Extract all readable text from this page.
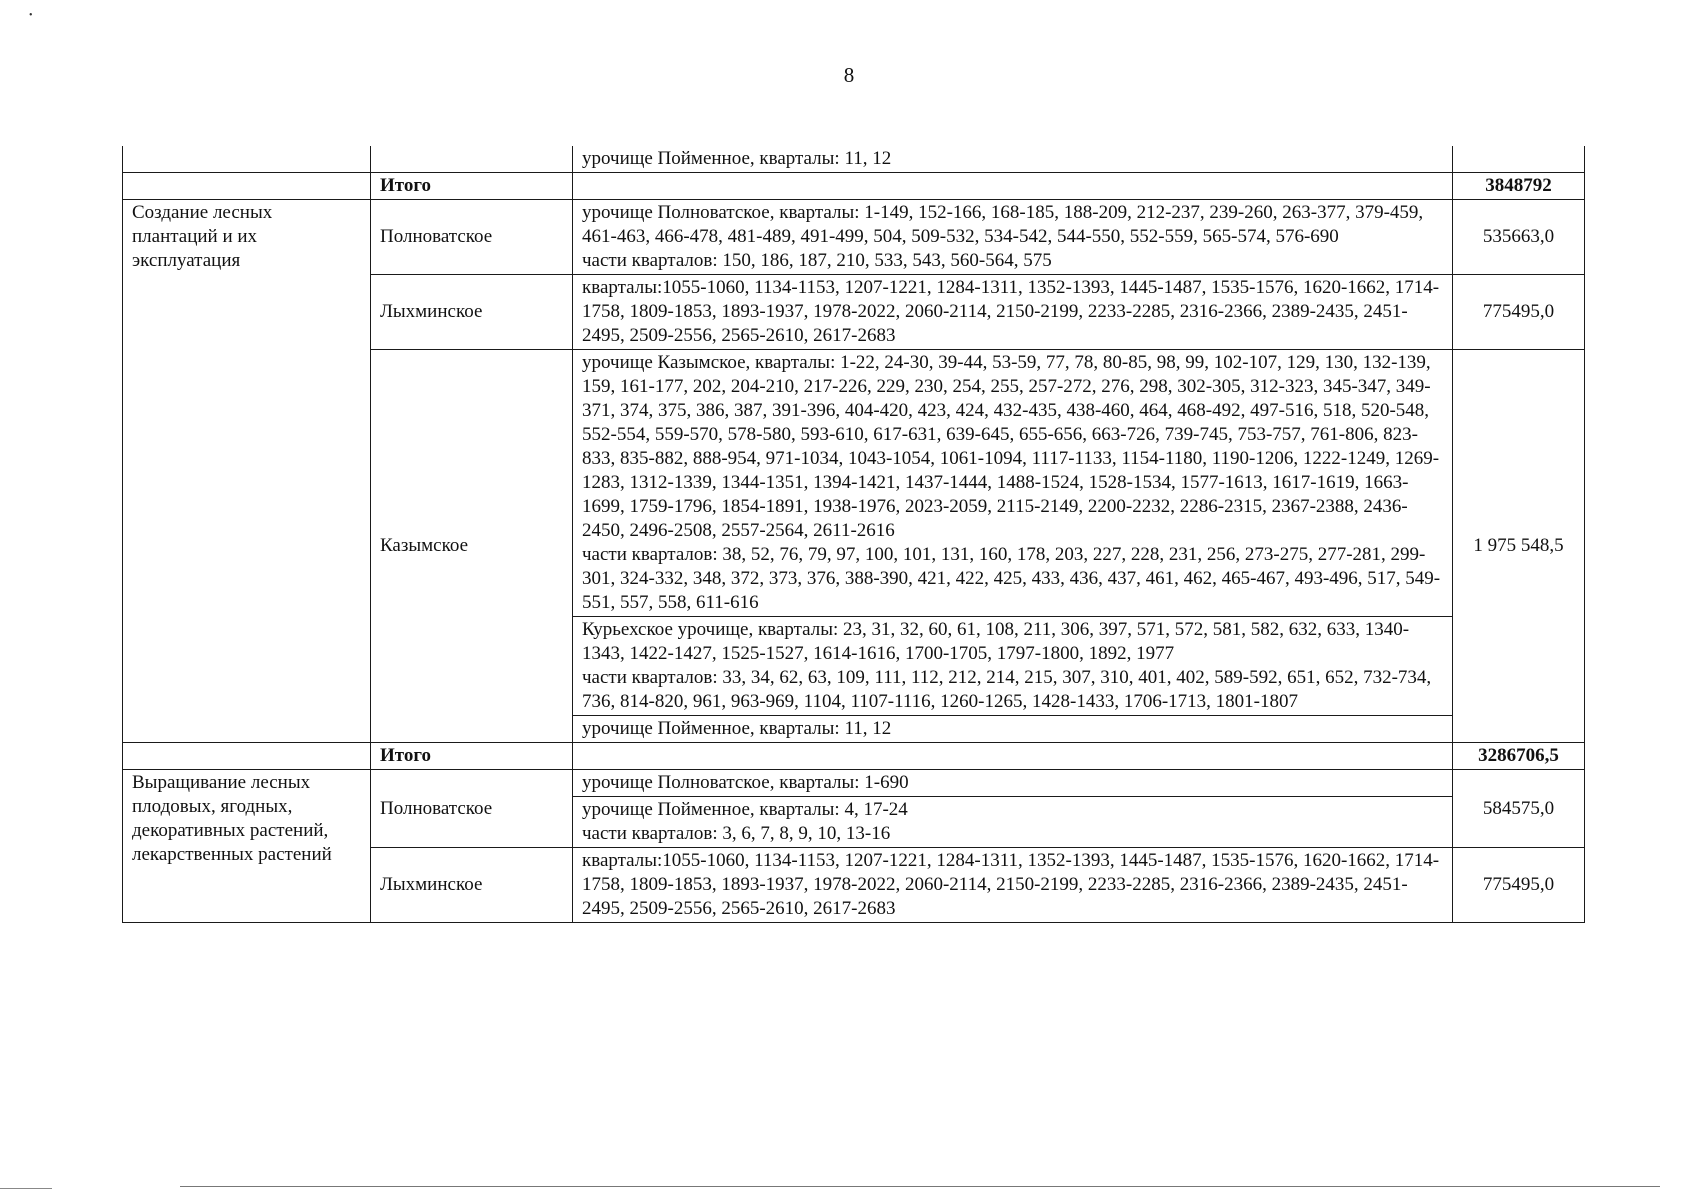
•
8
		урочище Пойменное, кварталы: 11, 12	
	Итого		3848792
Создание лесных плантаций и их эксплуатация	Полноватское	урочище Полноватское, кварталы: 1-149, 152-166, 168-185, 188-209, 212-237, 239-260, 263-377, 379-459, 461-463, 466-478, 481-489, 491-499, 504, 509-532, 534-542, 544-550, 552-559, 565-574, 576-690
части кварталов: 150, 186, 187, 210, 533, 543, 560-564, 575	535663,0
	Лыхминское	кварталы:1055-1060, 1134-1153, 1207-1221, 1284-1311, 1352-1393, 1445-1487, 1535-1576, 1620-1662, 1714-1758, 1809-1853, 1893-1937, 1978-2022, 2060-2114, 2150-2199, 2233-2285, 2316-2366, 2389-2435, 2451-2495, 2509-2556, 2565-2610, 2617-2683	775495,0
	Казымское	урочище Казымское, кварталы: 1-22, 24-30, 39-44, 53-59, 77, 78, 80-85, 98, 99, 102-107, 129, 130, 132-139, 159, 161-177, 202, 204-210, 217-226, 229, 230, 254, 255, 257-272, 276, 298, 302-305, 312-323, 345-347, 349-371, 374, 375, 386, 387, 391-396, 404-420, 423, 424, 432-435, 438-460, 464, 468-492, 497-516, 518, 520-548, 552-554, 559-570, 578-580, 593-610, 617-631, 639-645, 655-656, 663-726, 739-745, 753-757, 761-806, 823-833, 835-882, 888-954, 971-1034, 1043-1054, 1061-1094, 1117-1133, 1154-1180, 1190-1206, 1222-1249, 1269-1283, 1312-1339, 1344-1351, 1394-1421, 1437-1444, 1488-1524, 1528-1534, 1577-1613, 1617-1619, 1663-1699, 1759-1796, 1854-1891, 1938-1976, 2023-2059, 2115-2149, 2200-2232, 2286-2315, 2367-2388, 2436-2450, 2496-2508, 2557-2564, 2611-2616
части кварталов: 38, 52, 76, 79, 97, 100, 101, 131, 160, 178, 203, 227, 228, 231, 256, 273-275, 277-281, 299-301, 324-332, 348, 372, 373, 376, 388-390, 421, 422, 425, 433, 436, 437, 461, 462, 465-467, 493-496, 517, 549-551, 557, 558, 611-616	1 975 548,5

		Курьехское урочище, кварталы: 23, 31, 32, 60, 61, 108, 211, 306, 397, 571, 572, 581, 582, 632, 633, 1340-1343, 1422-1427, 1525-1527, 1614-1616, 1700-1705, 1797-1800, 1892, 1977
части кварталов: 33, 34, 62, 63, 109, 111, 112, 212, 214, 215, 307, 310, 401, 402, 589-592, 651, 652, 732-734, 736, 814-820, 961, 963-969, 1104, 1107-1116, 1260-1265, 1428-1433, 1706-1713, 1801-1807	

		урочище Пойменное, кварталы: 11, 12	
	Итого		3286706,5
Выращивание лесных плодовых, ягодных, декоративных растений, лекарственных растений	Полноватское	урочище Полноватское, кварталы: 1-690	584575,0

		урочище Пойменное, кварталы: 4, 17-24
части кварталов: 3, 6, 7, 8, 9, 10, 13-16	

	Лыхминское	кварталы:1055-1060, 1134-1153, 1207-1221, 1284-1311, 1352-1393, 1445-1487, 1535-1576, 1620-1662, 1714-1758, 1809-1853, 1893-1937, 1978-2022, 2060-2114, 2150-2199, 2233-2285, 2316-2366, 2389-2435, 2451-2495, 2509-2556, 2565-2610, 2617-2683	775495,0
